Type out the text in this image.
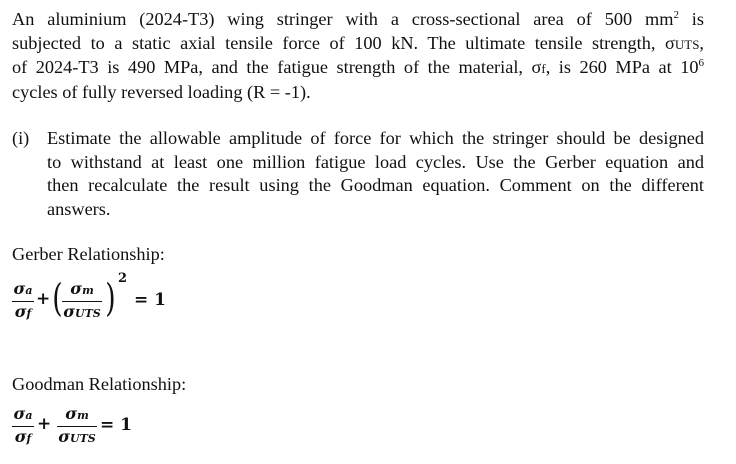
An aluminium (2024-T3) wing stringer with a cross-sectional area of 500 $mm^2$ is
subjected to a static axial tensile force of 100 kN. The ultimate tensile strength, σUTS,
of 2024-T3 is 490 MPa, and the fatigue strength of the material, σf, is 260 MPa at $10^6$
cycles of fully reversed loading (R = -1).
(i) Estimate the allowable amplitude of force for which the stringer should be designed
to withstand at least one million fatigue load cycles. Use the Gerber equation and
then recalculate the result using the Goodman equation. Comment on the different
answers.
Gerber Relationship:
σa
σf
+ ( σm
σUTS ) 2
= 1
Goodman Relationship:
σa
σf
+
σm
σUTS
= 1
